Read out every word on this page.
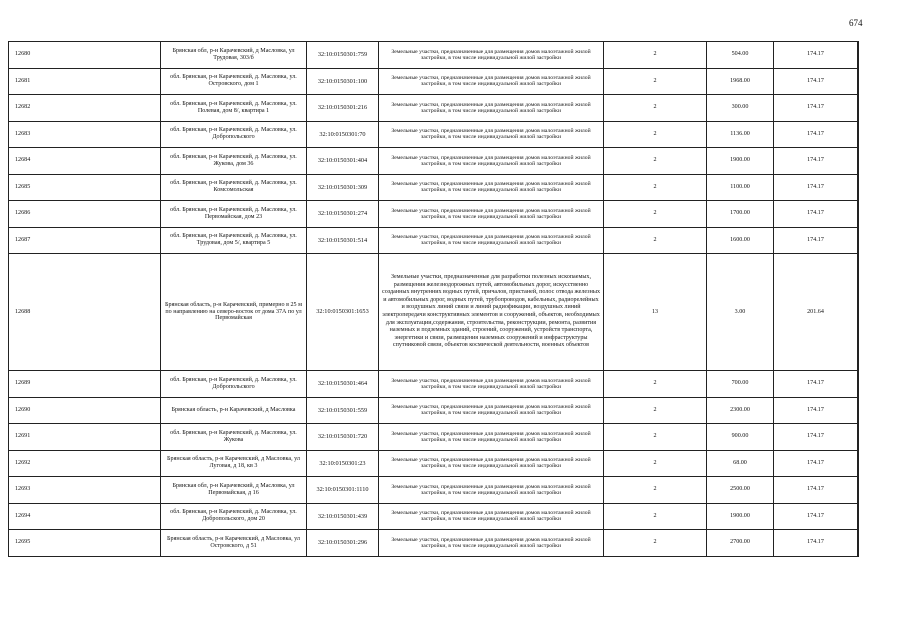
674
12680	Брянская обл, р-н Карачевский, д Масловка, ул Трудовая, 303/б	32:10:0150301:759	Земельные участки, предназначенные для размещения домов малоэтажной жилой застройки, в том числе индивидуальной жилой застройки	2	504.00	174.17	
12681	обл. Брянская, р-н Карачевский, д. Масловка, ул. Островского, дом 1	32:10:0150301:100	Земельные участки, предназначенные для размещения домов малоэтажной жилой застройки, в том числе индивидуальной жилой застройки	2	1968.00	174.17	
12682	обл. Брянская, р-н Карачевский, д. Масловка, ул. Полевая, дом 8/, квартира 1	32:10:0150301:216	Земельные участки, предназначенные для размещения домов малоэтажной жилой застройки, в том числе индивидуальной жилой застройки	2	300.00	174.17	
12683	обл. Брянская, р-н Карачевский, д. Масловка, ул. Добропольского	32:10:0150301:70	Земельные участки, предназначенные для размещения домов малоэтажной жилой застройки, в том числе индивидуальной жилой застройки	2	1136.00	174.17	
12684	обл. Брянская, р-н Карачевский, д. Масловка, ул. Жукова, дом 36	32:10:0150301:404	Земельные участки, предназначенные для размещения домов малоэтажной жилой застройки, в том числе индивидуальной жилой застройки	2	1900.00	174.17	
12685	обл. Брянская, р-н Карачевский, д. Масловка, ул. Комсомольская	32:10:0150301:309	Земельные участки, предназначенные для размещения домов малоэтажной жилой застройки, в том числе индивидуальной жилой застройки	2	1100.00	174.17	
12686	обл. Брянская, р-н Карачевский, д. Масловка, ул. Первомайская, дом 23	32:10:0150301:274	Земельные участки, предназначенные для размещения домов малоэтажной жилой застройки, в том числе индивидуальной жилой застройки	2	1700.00	174.17	
12687	обл. Брянская, р-н Карачевский, д. Масловка, ул. Трудовая, дом 5/, квартира 5	32:10:0150301:514	Земельные участки, предназначенные для размещения домов малоэтажной жилой застройки, в том числе индивидуальной жилой застройки	2	1600.00	174.17	
12688	Брянская область, р-н Карачевский, примерно в 25 м по направлению на северо-восток от дома 37А по ул Первомайская	32:10:0150301:1653	Земельные участки, предназначенные для разработки полезных ископаемых, размещения железнодорожных путей, автомобильных дорог, искусственно созданных внутренних водных путей, причалов, пристаней, полос отвода железных и автомобильных дорог, водных путей, трубопроводов, кабельных, радиорелейных и воздушных линий связи и линий радиофикации, воздушных линий электропередачи конструктивных элементов и сооружений, объектов, необходимых для эксплуатации,содержания, строительства, реконструкции, ремонта, развития наземных и подземных зданий, строений, сооружений, устройств транспорта, энергетики и связи, размещения наземных сооружений и инфраструктуры спутниковой связи, объектов космической деятельности, военных объектов	13	3.00	201.64	
12689	обл. Брянская, р-н Карачевский, д. Масловка, ул. Добропольского	32:10:0150301:464	Земельные участки, предназначенные для размещения домов малоэтажной жилой застройки, в том числе индивидуальной жилой застройки	2	700.00	174.17	
12690	Брянская область, р-н Карачевский, д Масловка	32:10:0150301:559	Земельные участки, предназначенные для размещения домов малоэтажной жилой застройки, в том числе индивидуальной жилой застройки	2	2300.00	174.17	
12691	обл. Брянская, р-н Карачевский, д. Масловка, ул. Жукова	32:10:0150301:720	Земельные участки, предназначенные для размещения домов малоэтажной жилой застройки, в том числе индивидуальной жилой застройки	2	900.00	174.17	
12692	Брянская область, р-н Карачевский, д Масловка, ул Луговая, д 18, кв 3	32:10:0150301:23	Земельные участки, предназначенные для размещения домов малоэтажной жилой застройки, в том числе индивидуальной жилой застройки	2	68.00	174.17	
12693	Брянская обл, р-н Карачевский, д Масловка, ул Первомайская, д 16	32:10:0150301:1110	Земельные участки, предназначенные для размещения домов малоэтажной жилой застройки, в том числе индивидуальной жилой застройки	2	2500.00	174.17	
12694	обл. Брянская, р-н Карачевский, д. Масловка, ул. Добропольского, дом 20	32:10:0150301:439	Земельные участки, предназначенные для размещения домов малоэтажной жилой застройки, в том числе индивидуальной жилой застройки	2	1900.00	174.17	
12695	Брянская область, р-н Карачевский, д Масловка, ул Островского, д 51	32:10:0150301:296	Земельные участки, предназначенные для размещения домов малоэтажной жилой застройки, в том числе индивидуальной жилой застройки	2	2700.00	174.17	
